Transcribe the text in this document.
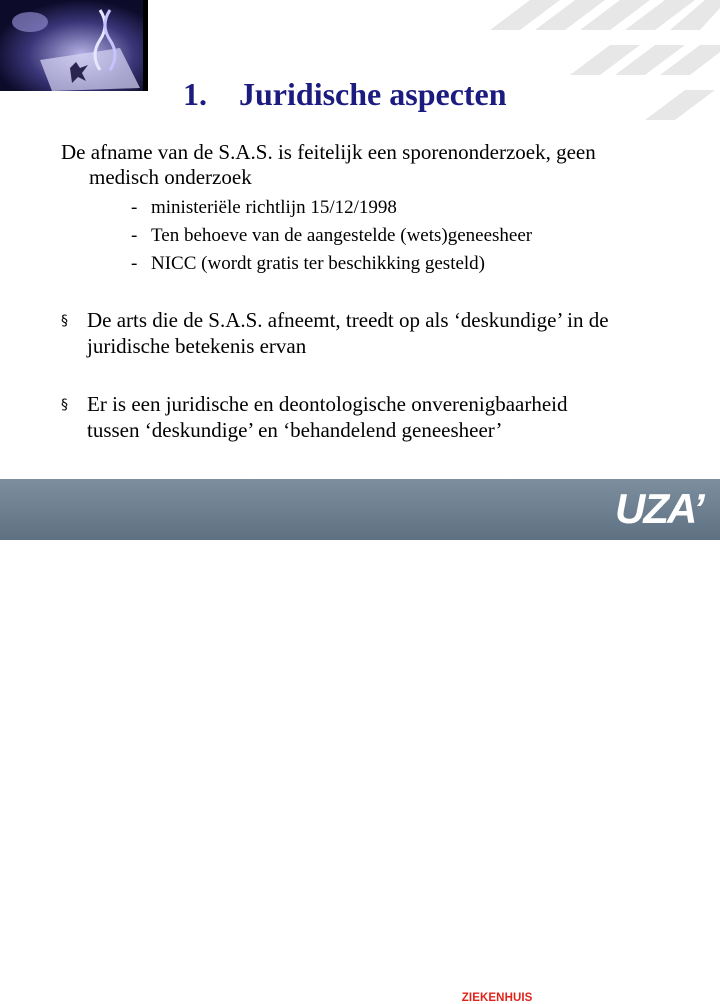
1. Juridische aspecten
De afname van de S.A.S. is feitelijk een sporenonderzoek, geen
medisch onderzoek
- ministeriële richtlijn 15/12/1998
- Ten behoeve van de aangestelde (wets)geneesheer
- NICC (wordt gratis ter beschikking gesteld)
§ De arts die de S.A.S. afneemt, treedt op als ‘deskundige’ in de
juridische betekenis ervan
§ Er is een juridische en deontologische onverenigbaarheid
tussen ‘deskundige’ en ‘behandelend geneesheer’
UNIVERSITAIR ZIEKENHUIS ANTWERPEN
UZA’
